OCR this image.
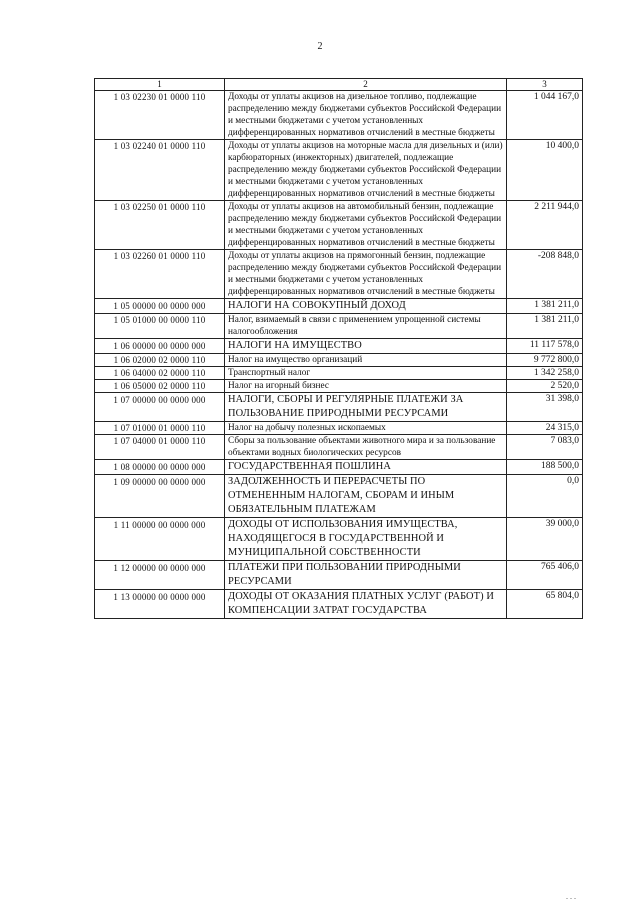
2
1	2	3
1 03 02230 01 0000 110	Доходы от уплаты акцизов на дизельное топливо, подлежащие распределению между бюджетами субъектов Российской Федерации и местными бюджетами с учетом установленных дифференцированных нормативов отчислений в местные бюджеты	1 044 167,0
1 03 02240 01 0000 110	Доходы от уплаты акцизов на моторные масла для дизельных и (или) карбюраторных (инжекторных) двигателей, подлежащие распределению между бюджетами субъектов Российской Федерации и местными бюджетами с учетом установленных дифференцированных нормативов отчислений в местные бюджеты	10 400,0
1 03 02250 01 0000 110	Доходы от уплаты акцизов на автомобильный бензин, подлежащие распределению между бюджетами субъектов Российской Федерации и местными бюджетами с учетом установленных дифференцированных нормативов отчислений в местные бюджеты	2 211 944,0
1 03 02260 01 0000 110	Доходы от уплаты акцизов на прямогонный бензин, подлежащие распределению между бюджетами субъектов Российской Федерации и местными бюджетами с учетом установленных дифференцированных нормативов отчислений в местные бюджеты	-208 848,0
1 05 00000 00 0000 000	НАЛОГИ НА СОВОКУПНЫЙ ДОХОД	1 381 211,0
1 05 01000 00 0000 110	Налог, взимаемый в связи с применением упрощенной системы налогообложения	1 381 211,0
1 06 00000 00 0000 000	НАЛОГИ НА ИМУЩЕСТВО	11 117 578,0
1 06 02000 02 0000 110	Налог на имущество организаций	9 772 800,0
1 06 04000 02 0000 110	Транспортный налог	1 342 258,0
1 06 05000 02 0000 110	Налог на игорный бизнес	2 520,0
1 07 00000 00 0000 000	НАЛОГИ, СБОРЫ И РЕГУЛЯРНЫЕ ПЛАТЕЖИ ЗА ПОЛЬЗОВАНИЕ ПРИРОДНЫМИ РЕСУРСАМИ	31 398,0
1 07 01000 01 0000 110	Налог на добычу полезных ископаемых	24 315,0
1 07 04000 01 0000 110	Сборы за пользование объектами животного мира и за пользование объектами водных биологических ресурсов	7 083,0
1 08 00000 00 0000 000	ГОСУДАРСТВЕННАЯ ПОШЛИНА	188 500,0
1 09 00000 00 0000 000	ЗАДОЛЖЕННОСТЬ И ПЕРЕРАСЧЕТЫ ПО ОТМЕНЕННЫМ НАЛОГАМ, СБОРАМ И ИНЫМ ОБЯЗАТЕЛЬНЫМ ПЛАТЕЖАМ	0,0
1 11 00000 00 0000 000	ДОХОДЫ ОТ ИСПОЛЬЗОВАНИЯ ИМУЩЕСТВА, НАХОДЯЩЕГОСЯ В ГОСУДАРСТВЕННОЙ И МУНИЦИПАЛЬНОЙ СОБСТВЕННОСТИ	39 000,0
1 12 00000 00 0000 000	ПЛАТЕЖИ ПРИ ПОЛЬЗОВАНИИ ПРИРОДНЫМИ РЕСУРСАМИ	765 406,0
1 13 00000 00 0000 000	ДОХОДЫ ОТ ОКАЗАНИЯ ПЛАТНЫХ УСЛУГ (РАБОТ) И КОМПЕНСАЦИИ ЗАТРАТ ГОСУДАРСТВА	65 804,0
...
